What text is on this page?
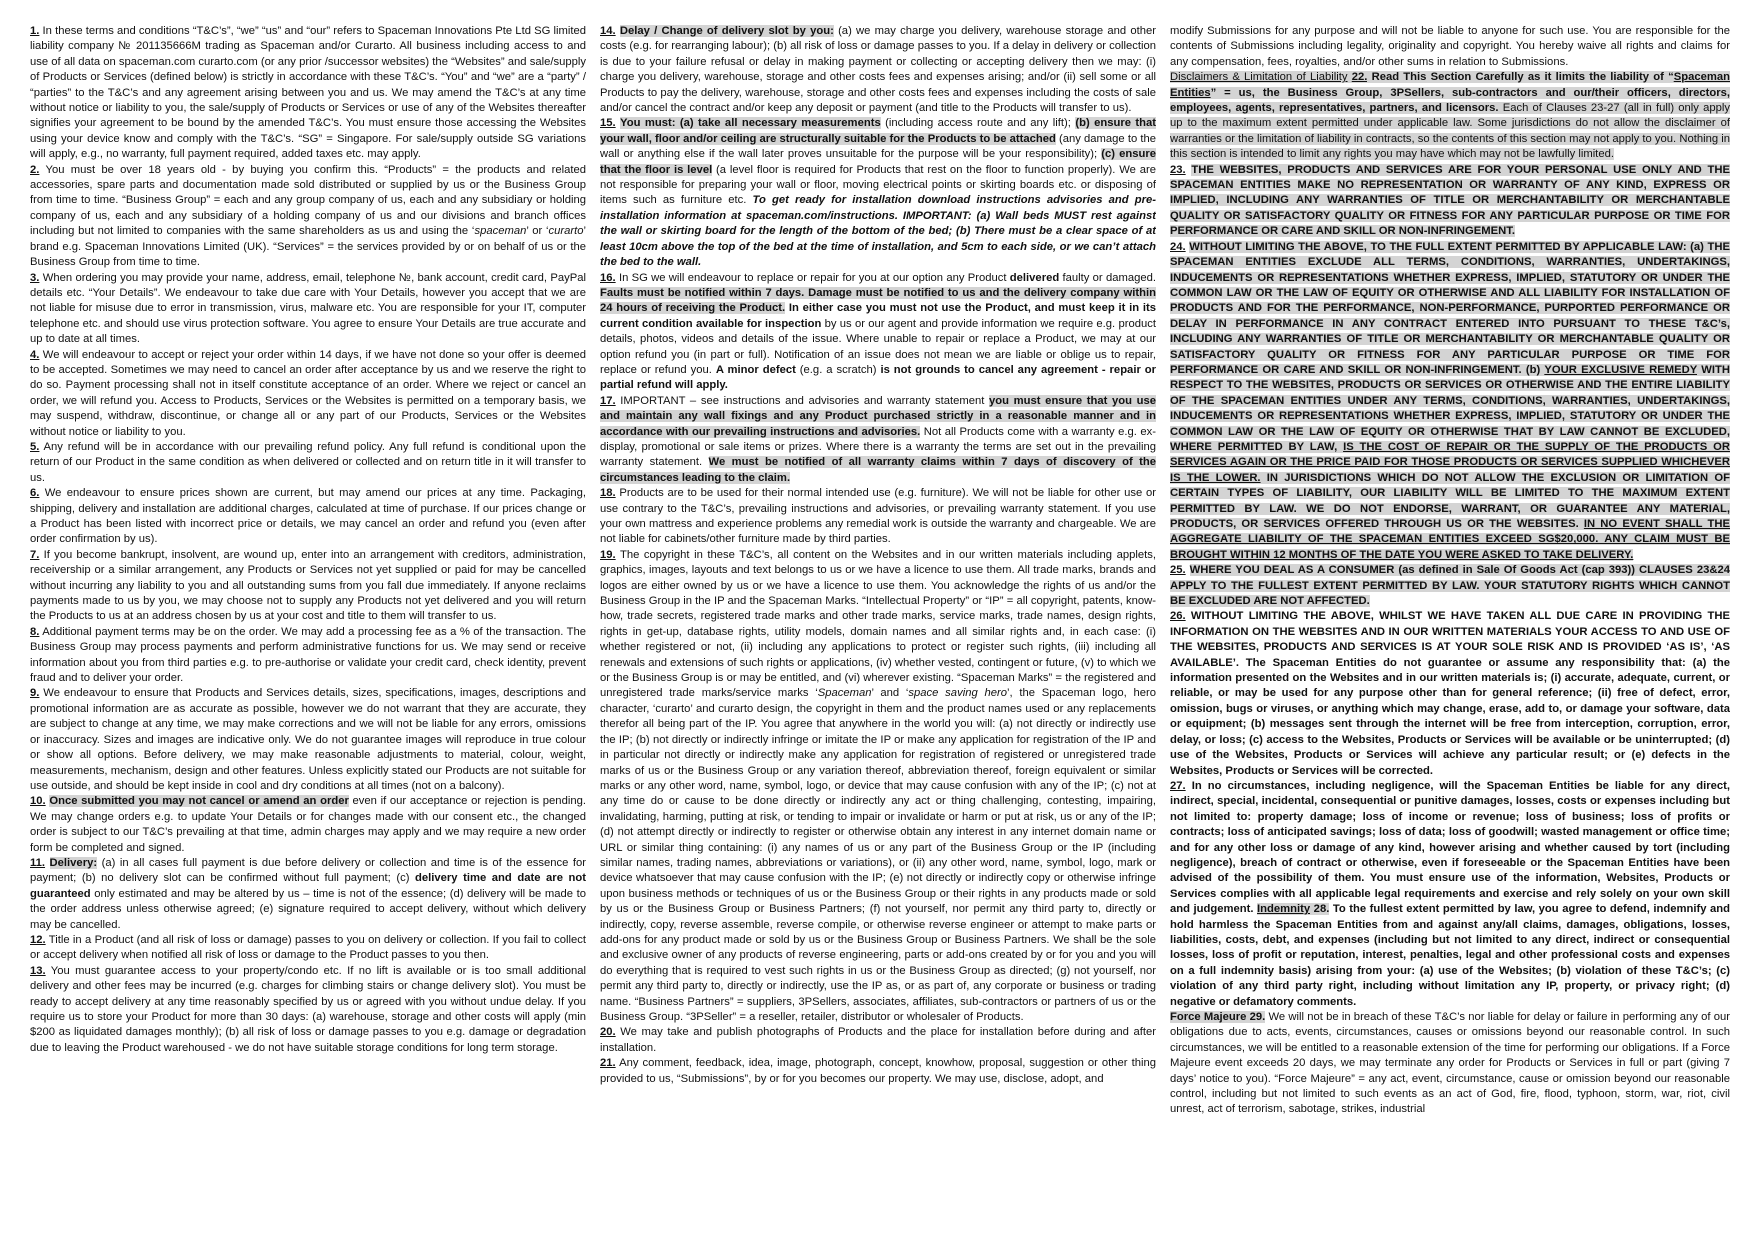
1. In these terms and conditions “T&C’s”, “we” “us” and “our” refers to Spaceman Innovations Pte Ltd SG limited liability company № 201135666M trading as Spaceman and/or Curarto. All business including access to and use of all data on spaceman.com curarto.com (or any prior /successor websites) the “Websites” and sale/supply of Products or Services (defined below) is strictly in accordance with these T&C’s. “You” and “we” are a “party” / “parties” to the T&C’s and any agreement arising between you and us. We may amend the T&C’s at any time without notice or liability to you, the sale/supply of Products or Services or use of any of the Websites thereafter signifies your agreement to be bound by the amended T&C’s. You must ensure those accessing the Websites using your device know and comply with the T&C’s. “SG” = Singapore. For sale/supply outside SG variations will apply, e.g., no warranty, full payment required, added taxes etc. may apply.

2. You must be over 18 years old - by buying you confirm this. “Products” = the products and related accessories, spare parts and documentation made sold distributed or supplied by us or the Business Group from time to time. “Business Group” = each and any group company of us, each and any subsidiary or holding company of us, each and any subsidiary of a holding company of us and our divisions and branch offices including but not limited to companies with the same shareholders as us and using the ‘spaceman’ or ‘curarto’ brand e.g. Spaceman Innovations Limited (UK). “Services” = the services provided by or on behalf of us or the Business Group from time to time.

3. When ordering you may provide your name, address, email, telephone №, bank account, credit card, PayPal details etc. “Your Details”. We endeavour to take due care with Your Details, however you accept that we are not liable for misuse due to error in transmission, virus, malware etc. You are responsible for your IT, computer telephone etc. and should use virus protection software. You agree to ensure Your Details are true accurate and up to date at all times.

4. We will endeavour to accept or reject your order within 14 days, if we have not done so your offer is deemed to be accepted. Sometimes we may need to cancel an order after acceptance by us and we reserve the right to do so. Payment processing shall not in itself constitute acceptance of an order. Where we reject or cancel an order, we will refund you. Access to Products, Services or the Websites is permitted on a temporary basis, we may suspend, withdraw, discontinue, or change all or any part of our Products, Services or the Websites without notice or liability to you.

5. Any refund will be in accordance with our prevailing refund policy. Any full refund is conditional upon the return of our Product in the same condition as when delivered or collected and on return title in it will transfer to us.

6. We endeavour to ensure prices shown are current, but may amend our prices at any time. Packaging, shipping, delivery and installation are additional charges, calculated at time of purchase. If our prices change or a Product has been listed with incorrect price or details, we may cancel an order and refund you (even after order confirmation by us).

7. If you become bankrupt, insolvent, are wound up, enter into an arrangement with creditors, administration, receivership or a similar arrangement, any Products or Services not yet supplied or paid for may be cancelled without incurring any liability to you and all outstanding sums from you fall due immediately. If anyone reclaims payments made to us by you, we may choose not to supply any Products not yet delivered and you will return the Products to us at an address chosen by us at your cost and title to them will transfer to us.

8. Additional payment terms may be on the order. We may add a processing fee as a % of the transaction. The Business Group may process payments and perform administrative functions for us. We may send or receive information about you from third parties e.g. to pre-authorise or validate your credit card, check identity, prevent fraud and to deliver your order.

9. We endeavour to ensure that Products and Services details, sizes, specifications, images, descriptions and promotional information are as accurate as possible, however we do not warrant that they are accurate, they are subject to change at any time, we may make corrections and we will not be liable for any errors, omissions or inaccuracy. Sizes and images are indicative only. We do not guarantee images will reproduce in true colour or show all options. Before delivery, we may make reasonable adjustments to material, colour, weight, measurements, mechanism, design and other features. Unless explicitly stated our Products are not suitable for use outside, and should be kept inside in cool and dry conditions at all times (not on a balcony).

10. Once submitted you may not cancel or amend an order even if our acceptance or rejection is pending. We may change orders e.g. to update Your Details or for changes made with our consent etc., the changed order is subject to our T&C’s prevailing at that time, admin charges may apply and we may require a new order form be completed and signed.

11. Delivery: (a) in all cases full payment is due before delivery or collection and time is of the essence for payment; (b) no delivery slot can be confirmed without full payment; (c) delivery time and date are not guaranteed only estimated and may be altered by us – time is not of the essence; (d) delivery will be made to the order address unless otherwise agreed; (e) signature required to accept delivery, without which delivery may be cancelled.

12. Title in a Product (and all risk of loss or damage) passes to you on delivery or collection. If you fail to collect or accept delivery when notified all risk of loss or damage to the Product passes to you then.

13. You must guarantee access to your property/condo etc. If no lift is available or is too small additional delivery and other fees may be incurred (e.g. charges for climbing stairs or change delivery slot). You must be ready to accept delivery at any time reasonably specified by us or agreed with you without undue delay. If you require us to store your Product for more than 30 days: (a) warehouse, storage and other costs will apply (min $200 as liquidated damages monthly); (b) all risk of loss or damage passes to you e.g. damage or degradation due to leaving the Product warehoused - we do not have suitable storage conditions for long term storage.

14. Delay / Change of delivery slot by you: (a) we may charge you delivery, warehouse storage and other costs (e.g. for rearranging labour); (b) all risk of loss or damage passes to you. If a delay in delivery or collection is due to your failure refusal or delay in making payment or collecting or accepting delivery then we may: (i) charge you delivery, warehouse, storage and other costs fees and expenses arising; and/or (ii) sell some or all Products to pay the delivery, warehouse, storage and other costs fees and expenses including the costs of sale and/or cancel the contract and/or keep any deposit or payment (and title to the Products will transfer to us).

15. You must: (a) take all necessary measurements (including access route and any lift); (b) ensure that your wall, floor and/or ceiling are structurally suitable for the Products to be attached (any damage to the wall or anything else if the wall later proves unsuitable for the purpose will be your responsibility); (c) ensure that the floor is level (a level floor is required for Products that rest on the floor to function properly). We are not responsible for preparing your wall or floor, moving electrical points or skirting boards etc. or disposing of items such as furniture etc. To get ready for installation download instructions advisories and pre-installation information at spaceman.com/instructions. IMPORTANT: (a) Wall beds MUST rest against the wall or skirting board for the length of the bottom of the bed; (b) There must be a clear space of at least 10cm above the top of the bed at the time of installation, and 5cm to each side, or we can’t attach the bed to the wall.

16. In SG we will endeavour to replace or repair for you at our option any Product delivered faulty or damaged. Faults must be notified within 7 days. Damage must be notified to us and the delivery company within 24 hours of receiving the Product. In either case you must not use the Product, and must keep it in its current condition available for inspection by us or our agent and provide information we require e.g. product details, photos, videos and details of the issue. Where unable to repair or replace a Product, we may at our option refund you (in part or full). Notification of an issue does not mean we are liable or oblige us to repair, replace or refund you. A minor defect (e.g. a scratch) is not grounds to cancel any agreement - repair or partial refund will apply.

17. IMPORTANT – see instructions and advisories and warranty statement you must ensure that you use and maintain any wall fixings and any Product purchased strictly in a reasonable manner and in accordance with our prevailing instructions and advisories. Not all Products come with a warranty e.g. ex-display, promotional or sale items or prizes. Where there is a warranty the terms are set out in the prevailing warranty statement. We must be notified of all warranty claims within 7 days of discovery of the circumstances leading to the claim.

18. Products are to be used for their normal intended use (e.g. furniture). We will not be liable for other use or use contrary to the T&C’s, prevailing instructions and advisories, or prevailing warranty statement. If you use your own mattress and experience problems any remedial work is outside the warranty and chargeable. We are not liable for cabinets/other furniture made by third parties.

19. The copyright in these T&C’s, all content on the Websites and in our written materials including applets, graphics, images, layouts and text belongs to us or we have a licence to use them. All trade marks, brands and logos are either owned by us or we have a licence to use them. You acknowledge the rights of us and/or the Business Group in the IP and the Spaceman Marks. “Intellectual Property” or “IP” = all copyright, patents, know-how, trade secrets, registered trade marks and other trade marks, service marks, trade names, design rights, rights in get-up, database rights, utility models, domain names and all similar rights and, in each case: (i) whether registered or not, (ii) including any applications to protect or register such rights, (iii) including all renewals and extensions of such rights or applications, (iv) whether vested, contingent or future, (v) to which we or the Business Group is or may be entitled, and (vi) wherever existing. “Spaceman Marks” = the registered and unregistered trade marks/service marks ‘Spaceman’ and ‘space saving hero’, the Spaceman logo, hero character, ‘curarto’ and curarto design, the copyright in them and the product names used or any replacements therefor all being part of the IP. You agree that anywhere in the world you will: (a) not directly or indirectly use the IP; (b) not directly or indirectly infringe or imitate the IP or make any application for registration of the IP and in particular not directly or indirectly make any application for registration of registered or unregistered trade marks of us or the Business Group or any variation thereof, abbreviation thereof, foreign equivalent or similar marks or any other word, name, symbol, logo, or device that may cause confusion with any of the IP; (c) not at any time do or cause to be done directly or indirectly any act or thing challenging, contesting, impairing, invalidating, harming, putting at risk, or tending to impair or invalidate or harm or put at risk, us or any of the IP; (d) not attempt directly or indirectly to register or otherwise obtain any interest in any internet domain name or URL or similar thing containing: (i) any names of us or any part of the Business Group or the IP (including similar names, trading names, abbreviations or variations), or (ii) any other word, name, symbol, logo, mark or device whatsoever that may cause confusion with the IP; (e) not directly or indirectly copy or otherwise infringe upon business methods or techniques of us or the Business Group or their rights in any products made or sold by us or the Business Group or Business Partners; (f) not yourself, nor permit any third party to, directly or indirectly, copy, reverse assemble, reverse compile, or otherwise reverse engineer or attempt to make parts or add-ons for any product made or sold by us or the Business Group or Business Partners. We shall be the sole and exclusive owner of any products of reverse engineering, parts or add-ons created by or for you and you will do everything that is required to vest such rights in us or the Business Group as directed; (g) not yourself, nor permit any third party to, directly or indirectly, use the IP as, or as part of, any corporate or business or trading name. “Business Partners” = suppliers, 3PSellers, associates, affiliates, sub-contractors or partners of us or the Business Group. “3PSeller” = a reseller, retailer, distributor or wholesaler of Products.

20. We may take and publish photographs of Products and the place for installation before during and after installation.

21. Any comment, feedback, idea, image, photograph, concept, knowhow, proposal, suggestion or other thing provided to us, “Submissions”, by or for you becomes our property. We may use, disclose, adopt, and

modify Submissions for any purpose and will not be liable to anyone for such use. You are responsible for the contents of Submissions including legality, originality and copyright. You hereby waive all rights and claims for any compensation, fees, royalties, and/or other sums in relation to Submissions.

Disclaimers & Limitation of Liability 22. Read This Section Carefully as it limits the liability of “Spaceman Entities” = us, the Business Group, 3PSellers, sub-contractors and our/their officers, directors, employees, agents, representatives, partners, and licensors. Each of Clauses 23-27 (all in full) only apply up to the maximum extent permitted under applicable law. Some jurisdictions do not allow the disclaimer of warranties or the limitation of liability in contracts, so the contents of this section may not apply to you. Nothing in this section is intended to limit any rights you may have which may not be lawfully limited.

23. THE WEBSITES, PRODUCTS AND SERVICES ARE FOR YOUR PERSONAL USE ONLY AND THE SPACEMAN ENTITIES MAKE NO REPRESENTATION OR WARRANTY OF ANY KIND, EXPRESS OR IMPLIED, INCLUDING ANY WARRANTIES OF TITLE OR MERCHANTABILITY OR MERCHANTABLE QUALITY OR SATISFACTORY QUALITY OR FITNESS FOR ANY PARTICULAR PURPOSE OR TIME FOR PERFORMANCE OR CARE AND SKILL OR NON-INFRINGEMENT.

24. WITHOUT LIMITING THE ABOVE, TO THE FULL EXTENT PERMITTED BY APPLICABLE LAW: (a) THE SPACEMAN ENTITIES EXCLUDE ALL TERMS, CONDITIONS, WARRANTIES, UNDERTAKINGS, INDUCEMENTS OR REPRESENTATIONS WHETHER EXPRESS, IMPLIED, STATUTORY OR UNDER THE COMMON LAW OR THE LAW OF EQUITY OR OTHERWISE AND ALL LIABILITY FOR INSTALLATION OF PRODUCTS AND FOR THE PERFORMANCE, NON-PERFORMANCE, PURPORTED PERFORMANCE OR DELAY IN PERFORMANCE IN ANY CONTRACT ENTERED INTO PURSUANT TO THESE T&C’s, INCLUDING ANY WARRANTIES OF TITLE OR MERCHANTABILITY OR MERCHANTABLE QUALITY OR SATISFACTORY QUALITY OR FITNESS FOR ANY PARTICULAR PURPOSE OR TIME FOR PERFORMANCE OR CARE AND SKILL OR NON-INFRINGEMENT. (b) YOUR EXCLUSIVE REMEDY WITH RESPECT TO THE WEBSITES, PRODUCTS OR SERVICES OR OTHERWISE AND THE ENTIRE LIABILITY OF THE SPACEMAN ENTITIES UNDER ANY TERMS, CONDITIONS, WARRANTIES, UNDERTAKINGS, INDUCEMENTS OR REPRESENTATIONS WHETHER EXPRESS, IMPLIED, STATUTORY OR UNDER THE COMMON LAW OR THE LAW OF EQUITY OR OTHERWISE THAT BY LAW CANNOT BE EXCLUDED, WHERE PERMITTED BY LAW, IS THE COST OF REPAIR OR THE SUPPLY OF THE PRODUCTS OR SERVICES AGAIN OR THE PRICE PAID FOR THOSE PRODUCTS OR SERVICES SUPPLIED WHICHEVER IS THE LOWER. IN JURISDICTIONS WHICH DO NOT ALLOW THE EXCLUSION OR LIMITATION OF CERTAIN TYPES OF LIABILITY, OUR LIABILITY WILL BE LIMITED TO THE MAXIMUM EXTENT PERMITTED BY LAW. WE DO NOT ENDORSE, WARRANT, OR GUARANTEE ANY MATERIAL, PRODUCTS, OR SERVICES OFFERED THROUGH US OR THE WEBSITES. IN NO EVENT SHALL THE AGGREGATE LIABILITY OF THE SPACEMAN ENTITIES EXCEED SG$20,000. ANY CLAIM MUST BE BROUGHT WITHIN 12 MONTHS OF THE DATE YOU WERE ASKED TO TAKE DELIVERY.

25. WHERE YOU DEAL AS A CONSUMER (as defined in Sale Of Goods Act (cap 393)) CLAUSES 23&24 APPLY TO THE FULLEST EXTENT PERMITTED BY LAW. YOUR STATUTORY RIGHTS WHICH CANNOT BE EXCLUDED ARE NOT AFFECTED.

26. WITHOUT LIMITING THE ABOVE, WHILST WE HAVE TAKEN ALL DUE CARE IN PROVIDING THE INFORMATION ON THE WEBSITES AND IN OUR WRITTEN MATERIALS YOUR ACCESS TO AND USE OF THE WEBSITES, PRODUCTS AND SERVICES IS AT YOUR SOLE RISK AND IS PROVIDED ‘AS IS’, ‘AS AVAILABLE’. The Spaceman Entities do not guarantee or assume any responsibility that: (a) the information presented on the Websites and in our written materials is; (i) accurate, adequate, current, or reliable, or may be used for any purpose other than for general reference; (ii) free of defect, error, omission, bugs or viruses, or anything which may change, erase, add to, or damage your software, data or equipment; (b) messages sent through the internet will be free from interception, corruption, error, delay, or loss; (c) access to the Websites, Products or Services will be available or be uninterrupted; (d) use of the Websites, Products or Services will achieve any particular result; or (e) defects in the Websites, Products or Services will be corrected.

27. In no circumstances, including negligence, will the Spaceman Entities be liable for any direct, indirect, special, incidental, consequential or punitive damages, losses, costs or expenses including but not limited to: property damage; loss of income or revenue; loss of business; loss of profits or contracts; loss of anticipated savings; loss of data; loss of goodwill; wasted management or office time; and for any other loss or damage of any kind, however arising and whether caused by tort (including negligence), breach of contract or otherwise, even if foreseeable or the Spaceman Entities have been advised of the possibility of them. You must ensure use of the information, Websites, Products or Services complies with all applicable legal requirements and exercise and rely solely on your own skill and judgement. Indemnity 28. To the fullest extent permitted by law, you agree to defend, indemnify and hold harmless the Spaceman Entities from and against any/all claims, damages, obligations, losses, liabilities, costs, debt, and expenses (including but not limited to any direct, indirect or consequential losses, loss of profit or reputation, interest, penalties, legal and other professional costs and expenses on a full indemnity basis) arising from your: (a) use of the Websites; (b) violation of these T&C’s; (c) violation of any third party right, including without limitation any IP, property, or privacy right; (d) negative or defamatory comments.

Force Majeure 29. We will not be in breach of these T&C’s nor liable for delay or failure in performing any of our obligations due to acts, events, circumstances, causes or omissions beyond our reasonable control. In such circumstances, we will be entitled to a reasonable extension of the time for performing our obligations. If a Force Majeure event exceeds 20 days, we may terminate any order for Products or Services in full or part (giving 7 days’ notice to you). “Force Majeure” = any act, event, circumstance, cause or omission beyond our reasonable control, including but not limited to such events as an act of God, fire, flood, typhoon, storm, war, riot, civil unrest, act of terrorism, sabotage, strikes, industrial
